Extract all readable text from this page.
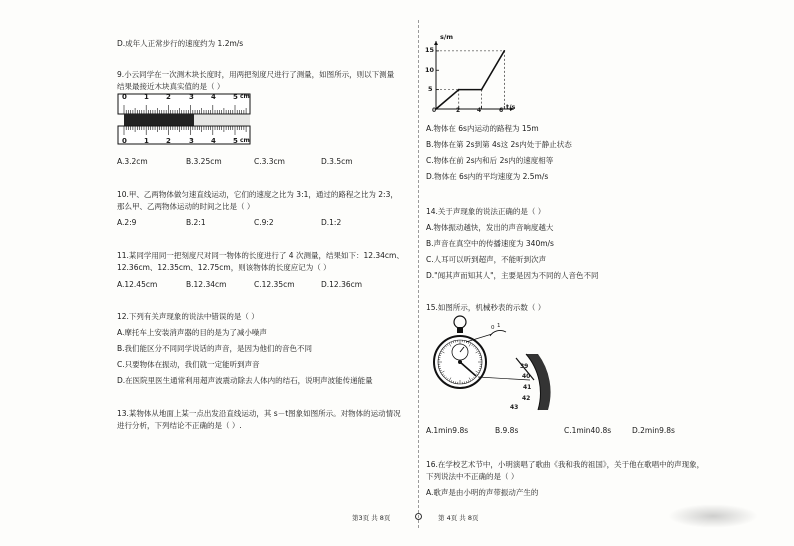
D.成年人正常步行的速度约为 1.2m/s
9.小云同学在一次测木块长度时，用两把刻度尺进行了测量，如图所示，则以下测量
结果最接近木块真实值的是（ ）
0 1 2	3 4 5 cm
0 1 2	3 4 5 cm
A.3.2cm	B.3.25cm	C.3.3cm	D.3.5cm
10.甲、乙两物体做匀速直线运动，它们的速度之比为 3:1，通过的路程之比为 2:3，
那么甲、乙两物体运动的时间之比是（ ）
A.2:9	B.2:1	C.9:2	D.1:2
11.某同学用同一把刻度尺对同一物体的长度进行了 4 次测量，结果如下：12.34cm、
12.36cm、12.35cm、12.75cm，则该物体的长度应记为（ ）
A.12.45cm	B.12.34cm	C.12.35cm	D.12.36cm
12.下列有关声现象的说法中错误的是（ ）
A.摩托车上安装消声器的目的是为了减小噪声
B.我们能区分不同同学说话的声音，是因为他们的音色不同
C.只要物体在振动，我们就一定能听到声音
D.在医院里医生通常利用超声波震动除去人体内的结石，说明声波能传递能量
13.某物体从地面上某一点出发沿直线运动，其 s－t图象如图所示。对物体的运动情况
进行分析，下列结论不正确的是（ ）.
第3页 共 8页
s/m
t/s
15
10
5
0	2	4	6
A.物体在 6s内运动的路程为 15m
B.物体在第 2s到第 4s这 2s内处于静止状态
C.物体在前 2s内和后 2s内的速度相等
D.物体在 6s内的平均速度为 2.5m/s
14.关于声现象的说法正确的是（ ）
A.物体振动越快，发出的声音响度越大
B.声音在真空中的传播速度为 340m/s
C.人耳可以听到超声，不能听到次声
D."闻其声而知其人"，主要是因为不同的人音色不同
15.如图所示，机械秒表的示数（ ）
0 1
39
40
41
42
43
A.1min9.8s	B.9.8s	C.1min40.8s	D.2min9.8s
16.在学校艺术节中，小明演唱了歌曲《我和我的祖国》，关于他在歌唱中的声现象，
下列说法中不正确的是（ ）
A.歌声是由小明的声带振动产生的
第 4页 共 8页
